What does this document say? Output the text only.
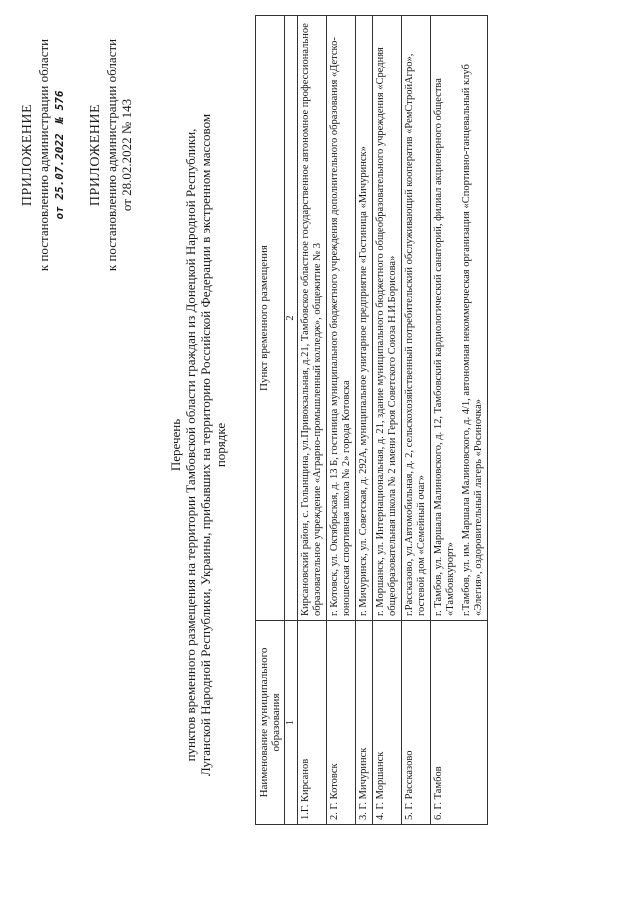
ПРИЛОЖЕНИЕ к постановлению администрации области от 25.07.2022   № 576 ПРИЛОЖЕНИЕ к постановлению администрации области от 28.02.2022 № 143
Перечень пунктов временного размещения на территории Тамбовской области граждан из Донецкой Народной Республики, Луганской Народной Республики, Украины, прибывших на территорию Российской Федерации в экстренном массовом порядке
Наименование муниципального образования	Пункт временного размещения
1	2
1.Г. Кирсанов	Кирсановский район, с. Голынщина, ул.Привокзальная, д.21, Тамбовское областное государственное автономное профессиональное образовательное учреждение «Аграрно-промышленный колледж», общежитие № 3

2. Г. Котовск	г. Котовск, ул. Октябрьская, д. 13 Б, гостиница муниципального бюджетного учреждения дополнительного образования «Детско-юношеская спортивная школа № 2» города Котовска

3. Г. Мичуринск	г. Мичуринск, ул. Советская, д. 292А, муниципальное унитарное предприятие «Гостиница «Мичуринск»

4. Г. Моршанск	г. Моршанск, ул. Интернациональная, д. 21, здание муниципального бюджетного общеобразовательного учреждения «Средняя общеобразовательная школа № 2 имени Героя Советского Союза Н.И.Борисова»

5. Г. Рассказово	г.Рассказово, ул.Автомобильная, д. 2, сельскохозяйственный потребительский обслуживающий кооператив «РемСтройАгро», гостевой дом «Семейный очаг»

6. Г. Тамбов	г. Тамбов, ул. Маршала Малиновского, д. 12, Тамбовский кардиологический санаторий, филиал акционерного общества «Тамбовкурорт» г.Тамбов, ул. им. Маршала Малиновского, д. 4/1, автономная некоммерческая организация «Спортивно-танцевальный клуб «Элегия», оздоровительный лагерь «Росиночка»
